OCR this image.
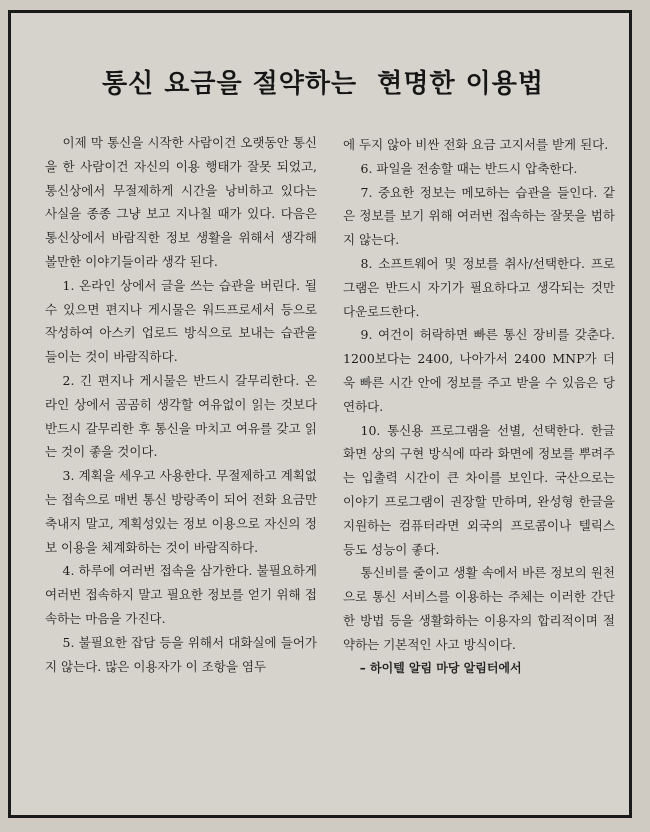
통신 요금을 절약하는  현명한 이용법

이제 막 통신을 시작한 사람이건 오랫동안 통신을 한 사람이건 자신의 이용 행태가 잘못 되었고, 통신상에서 무절제하게 시간을 낭비하고 있다는 사실을 종종 그냥 보고 지나칠 때가 있다. 다음은 통신상에서 바람직한 정보 생활을 위해서 생각해 볼만한 이야기들이라 생각 된다.

1. 온라인 상에서 글을 쓰는 습관을 버린다. 될 수 있으면 편지나 게시물은 워드프로세서 등으로 작성하여 아스키 업로드 방식으로 보내는 습관을 들이는 것이 바람직하다.

2. 긴 편지나 게시물은 반드시 갈무리한다. 온라인 상에서 곰곰히 생각할 여유없이 읽는 것보다 반드시 갈무리한 후 통신을 마치고 여유를 갖고 읽는 것이 좋을 것이다.

3. 계획을 세우고 사용한다. 무절제하고 계획없는 접속으로 매번 통신 방랑족이 되어 전화 요금만 축내지 말고, 계획성있는 정보 이용으로 자신의 정보 이용을 체계화하는 것이 바람직하다.

4. 하루에 여러번 접속을 삼가한다. 불필요하게 여러번 접속하지 말고 필요한 정보를 얻기 위해 접속하는 마음을 가진다.

5. 불필요한 잡담 등을 위해서 대화실에 들어가지 않는다. 많은 이용자가 이 조항을 염두

에 두지 않아 비싼 전화 요금 고지서를 받게 된다.

6. 파일을 전송할 때는 반드시 압축한다.

7. 중요한 정보는 메모하는 습관을 들인다. 같은 정보를 보기 위해 여러번 접속하는 잘못을 범하지 않는다.

8. 소프트웨어 및 정보를 취사/선택한다. 프로그램은 반드시 자기가 필요하다고 생각되는 것만 다운로드한다.

9. 여건이 허락하면 빠른 통신 장비를 갖춘다. 1200보다는 2400, 나아가서 2400 MNP가 더욱 빠른 시간 안에 정보를 주고 받을 수 있음은 당연하다.

10. 통신용 프로그램을 선별, 선택한다. 한글 화면 상의 구현 방식에 따라 화면에 정보를 뿌려주는 입출력 시간이 큰 차이를 보인다. 국산으로는 이야기 프로그램이 권장할 만하며, 완성형 한글을 지원하는 컴퓨터라면 외국의 프로콤이나 텔릭스 등도 성능이 좋다.

통신비를 줄이고 생활 속에서 바른 정보의 원천으로 통신 서비스를 이용하는 주체는 이러한 간단한 방법 등을 생활화하는 이용자의 합리적이며 절약하는 기본적인 사고 방식이다.

– 하이텔 알림 마당 알림터에서
